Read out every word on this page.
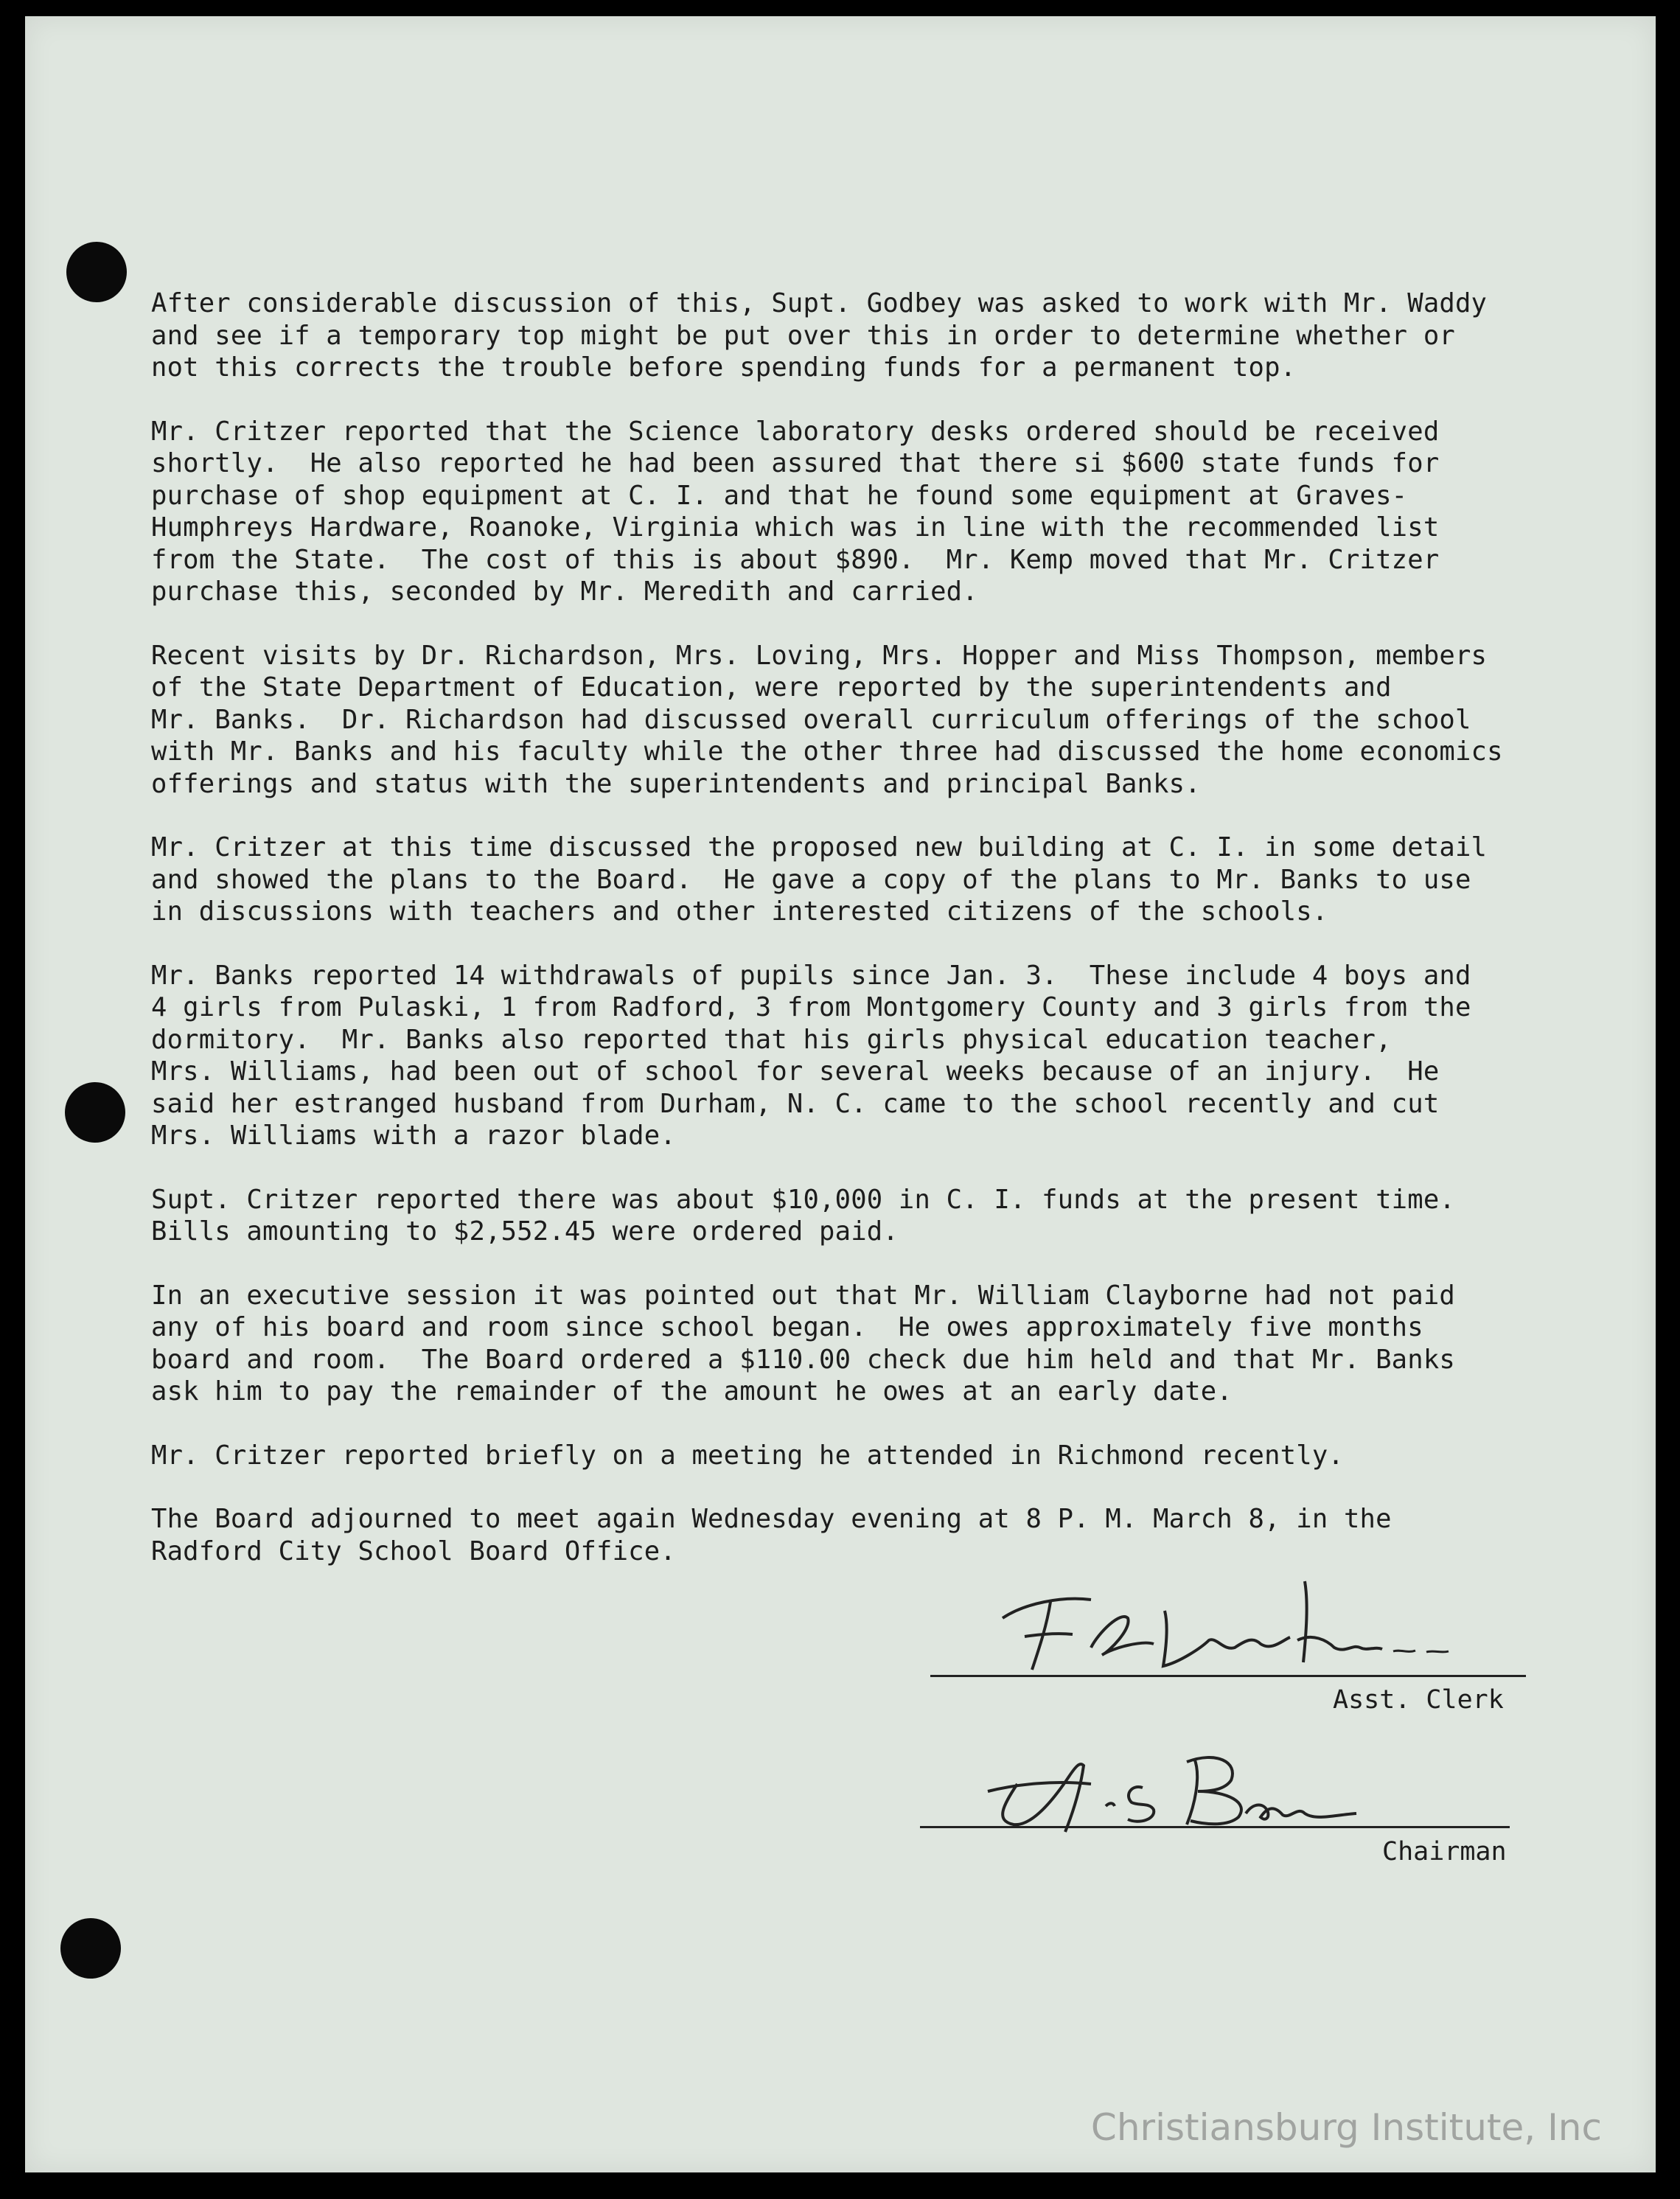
After considerable discussion of this, Supt. Godbey was asked to work with Mr. Waddy
and see if a temporary top might be put over this in order to determine whether or
not this corrects the trouble before spending funds for a permanent top.
Mr. Critzer reported that the Science laboratory desks ordered should be received
shortly.  He also reported he had been assured that there si $600 state funds for
purchase of shop equipment at C. I. and that he found some equipment at Graves-
Humphreys Hardware, Roanoke, Virginia which was in line with the recommended list
from the State.  The cost of this is about $890.  Mr. Kemp moved that Mr. Critzer
purchase this, seconded by Mr. Meredith and carried.
Recent visits by Dr. Richardson, Mrs. Loving, Mrs. Hopper and Miss Thompson, members
of the State Department of Education, were reported by the superintendents and
Mr. Banks.  Dr. Richardson had discussed overall curriculum offerings of the school
with Mr. Banks and his faculty while the other three had discussed the home economics
offerings and status with the superintendents and principal Banks.
Mr. Critzer at this time discussed the proposed new building at C. I. in some detail
and showed the plans to the Board.  He gave a copy of the plans to Mr. Banks to use
in discussions with teachers and other interested citizens of the schools.
Mr. Banks reported 14 withdrawals of pupils since Jan. 3.  These include 4 boys and
4 girls from Pulaski, 1 from Radford, 3 from Montgomery County and 3 girls from the
dormitory.  Mr. Banks also reported that his girls physical education teacher,
Mrs. Williams, had been out of school for several weeks because of an injury.  He
said her estranged husband from Durham, N. C. came to the school recently and cut
Mrs. Williams with a razor blade.
Supt. Critzer reported there was about $10,000 in C. I. funds at the present time.
Bills amounting to $2,552.45 were ordered paid.
In an executive session it was pointed out that Mr. William Clayborne had not paid
any of his board and room since school began.  He owes approximately five months
board and room.  The Board ordered a $110.00 check due him held and that Mr. Banks
ask him to pay the remainder of the amount he owes at an early date.
Mr. Critzer reported briefly on a meeting he attended in Richmond recently.
The Board adjourned to meet again Wednesday evening at 8 P. M. March 8, in the
Radford City School Board Office.
Asst. Clerk
Chairman
Christiansburg Institute, Inc
